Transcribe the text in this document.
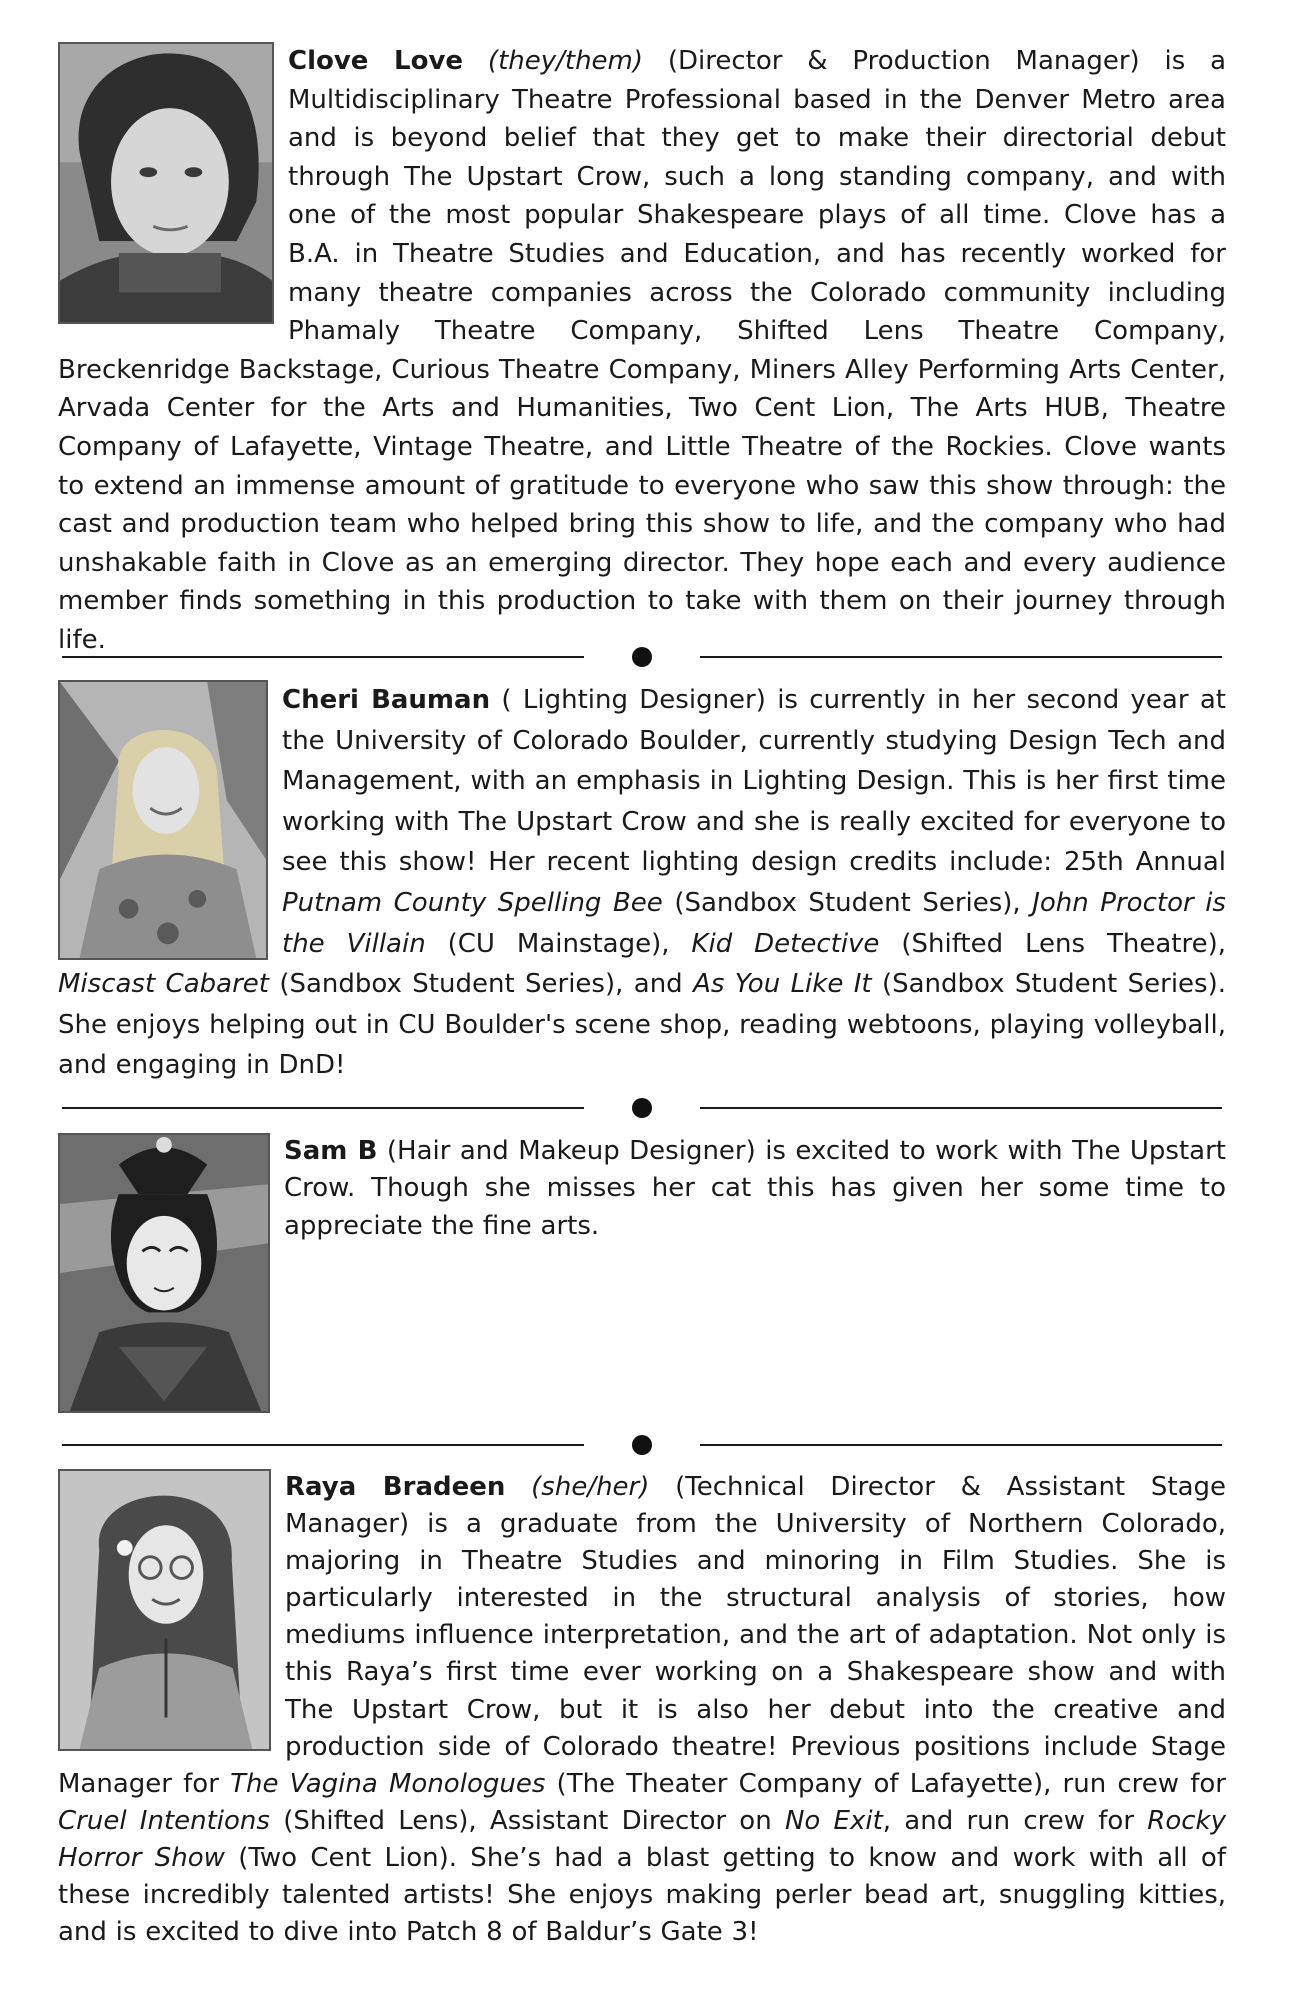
Clove Love (they/them) (Director & Production Manager) is a Multidisciplinary Theatre Professional based in the Denver Metro area and is beyond belief that they get to make their directorial debut through The Upstart Crow, such a long standing company, and with one of the most popular Shakespeare plays of all time. Clove has a B.A. in Theatre Studies and Education, and has recently worked for many theatre companies across the Colorado community including Phamaly Theatre Company, Shifted Lens Theatre Company, Breckenridge Backstage, Curious Theatre Company, Miners Alley Performing Arts Center, Arvada Center for the Arts and Humanities, Two Cent Lion, The Arts HUB, Theatre Company of Lafayette, Vintage Theatre, and Little Theatre of the Rockies. Clove wants to extend an immense amount of gratitude to everyone who saw this show through: the cast and production team who helped bring this show to life, and the company who had unshakable faith in Clove as an emerging director. They hope each and every audience member finds something in this production to take with them on their journey through life.

Cheri Bauman ( Lighting Designer) is currently in her second year at the University of Colorado Boulder, currently studying Design Tech and Management, with an emphasis in Lighting Design. This is her first time working with The Upstart Crow and she is really excited for everyone to see this show! Her recent lighting design credits include: 25th Annual Putnam County Spelling Bee (Sandbox Student Series), John Proctor is the Villain (CU Mainstage), Kid Detective (Shifted Lens Theatre), Miscast Cabaret (Sandbox Student Series), and As You Like It (Sandbox Student Series). She enjoys helping out in CU Boulder's scene shop, reading webtoons, playing volleyball, and engaging in DnD!

Sam B (Hair and Makeup Designer) is excited to work with The Upstart Crow. Though she misses her cat this has given her some time to appreciate the fine arts.

Raya Bradeen (she/her) (Technical Director & Assistant Stage Manager) is a graduate from the University of Northern Colorado, majoring in Theatre Studies and minoring in Film Studies. She is particularly interested in the structural analysis of stories, how mediums influence interpretation, and the art of adaptation. Not only is this Raya’s first time ever working on a Shakespeare show and with The Upstart Crow, but it is also her debut into the creative and production side of Colorado theatre! Previous positions include Stage Manager for The Vagina Monologues (The Theater Company of Lafayette), run crew for Cruel Intentions (Shifted Lens), Assistant Director on No Exit, and run crew for Rocky Horror Show (Two Cent Lion). She’s had a blast getting to know and work with all of these incredibly talented artists! She enjoys making perler bead art, snuggling kitties, and is excited to dive into Patch 8 of Baldur’s Gate 3!
